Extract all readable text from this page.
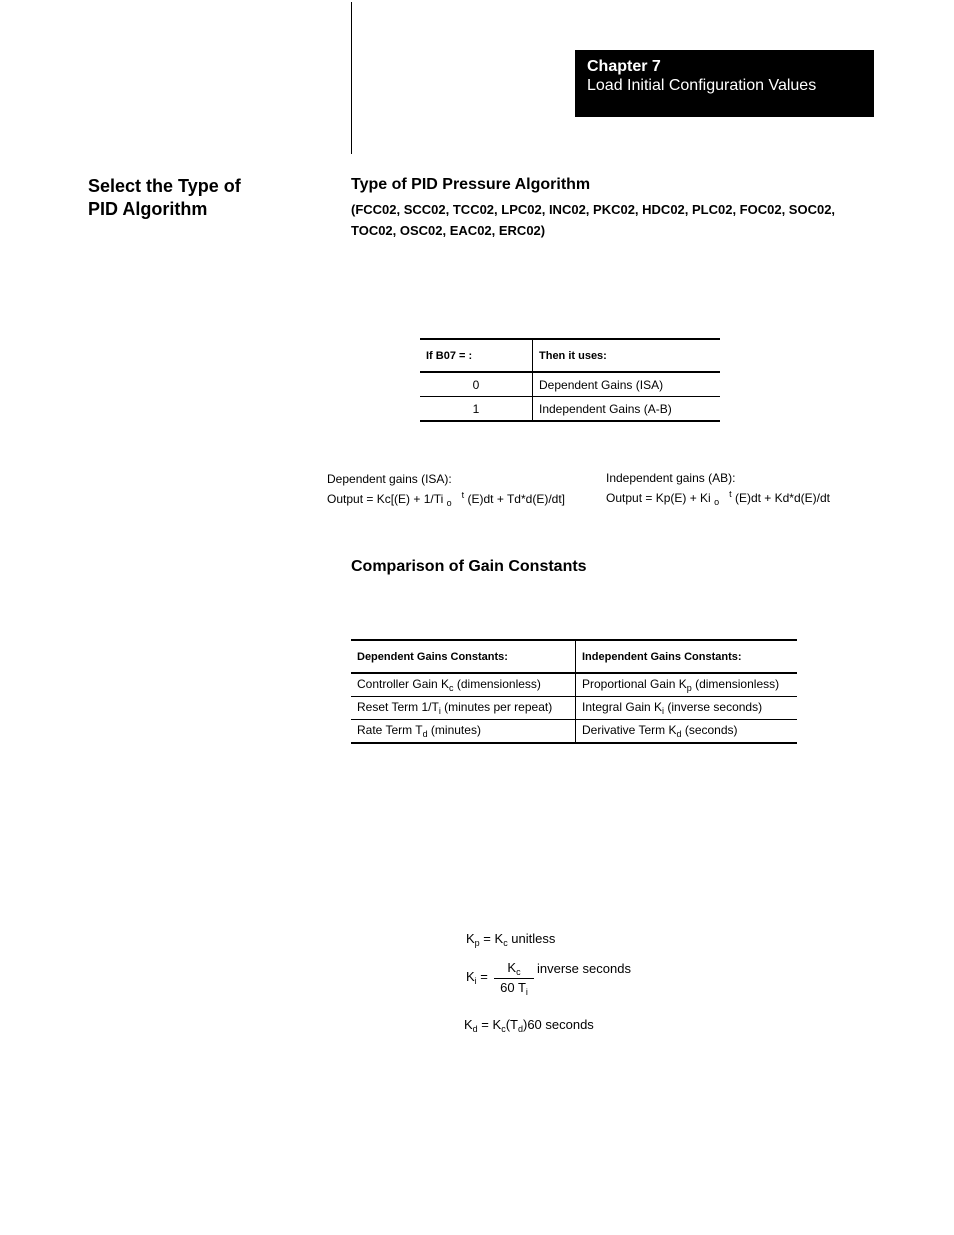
Chapter 7
Load Initial Configuration Values
Select the Type of
PID Algorithm
Type of PID Pressure Algorithm
(FCC02, SCC02, TCC02, LPC02, INC02, PKC02, HDC02, PLC02, FOC02, SOC02,
TOC02, OSC02, EAC02, ERC02)
If B07 = :	Then it uses:
0	Dependent Gains (ISA)
1	Independent Gains (A-B)
Dependent gains (ISA):
Output = Kc[(E) + 1/Ti $_o$   $^t$ (E)dt + Td*d(E)/dt]
Independent gains (AB):
Output = Kp(E) + Ki $_o$   $^t$ (E)dt + Kd*d(E)/dt
Comparison of Gain Constants
Dependent Gains Constants:	Independent Gains Constants:
Controller Gain $K_c$ (dimensionless)	Proportional Gain $K_p$ (dimensionless)
Reset Term $1/T_i$ (minutes per repeat)	Integral Gain $K_i$ (inverse seconds)
Rate Term $T_d$ (minutes)	Derivative Term $K_d$ (seconds)
$K_p = K_c$ unitless
$K_i$ =
$K_c$
60 $T_i$
inverse seconds
$K_d = K_c(T_d)60$ seconds
